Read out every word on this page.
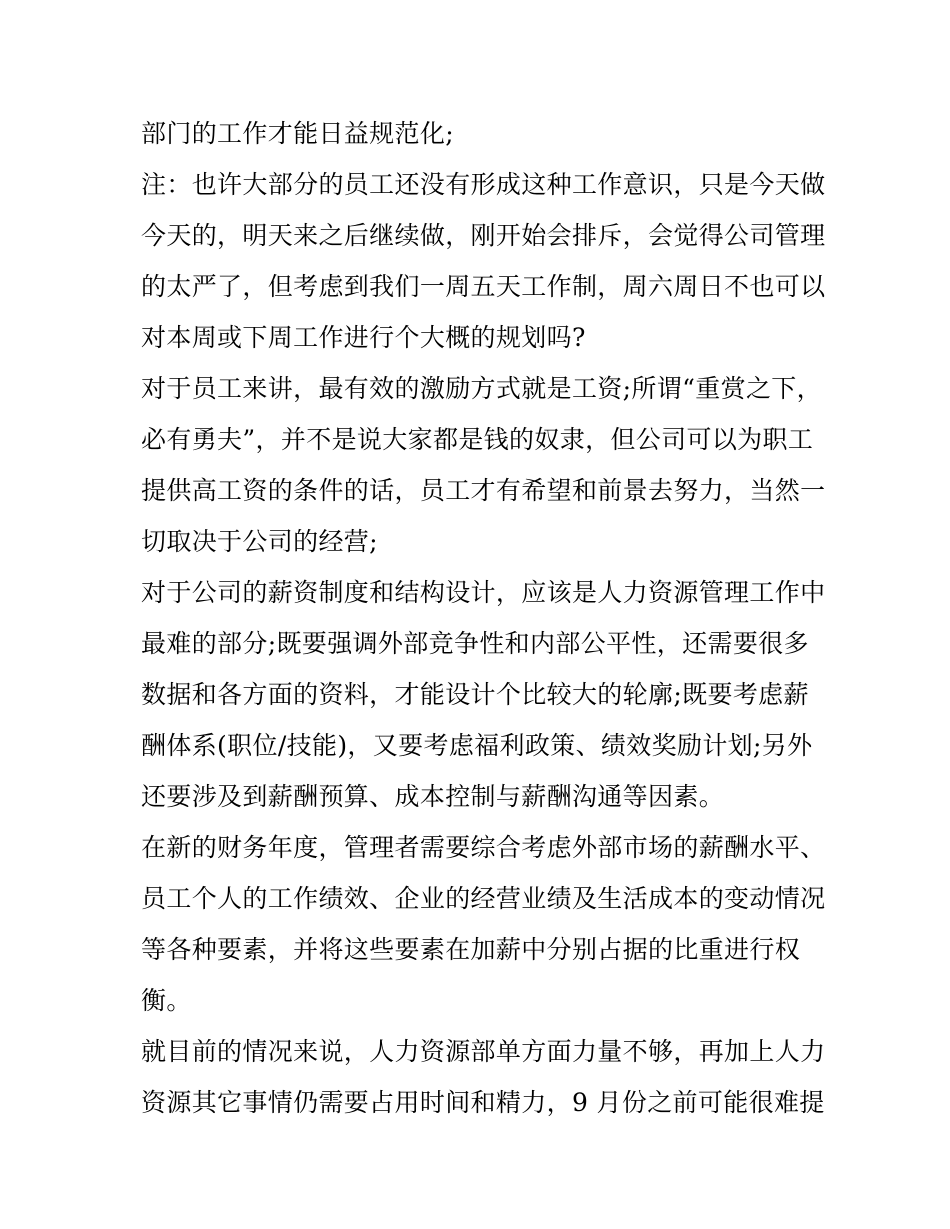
部门的工作才能日益规范化;
注：也许大部分的员工还没有形成这种工作意识，只是今天做
今天的，明天来之后继续做，刚开始会排斥，会觉得公司管理
的太严了，但考虑到我们一周五天工作制，周六周日不也可以
对本周或下周工作进行个大概的规划吗?
对于员工来讲，最有效的激励方式就是工资;所谓“重赏之下，
必有勇夫”，并不是说大家都是钱的奴隶，但公司可以为职工
提供高工资的条件的话，员工才有希望和前景去努力，当然一
切取决于公司的经营;
对于公司的薪资制度和结构设计，应该是人力资源管理工作中
最难的部分;既要强调外部竞争性和内部公平性，还需要很多
数据和各方面的资料，才能设计个比较大的轮廓;既要考虑薪
酬体系(职位/技能)，又要考虑福利政策、绩效奖励计划;另外
还要涉及到薪酬预算、成本控制与薪酬沟通等因素。
在新的财务年度，管理者需要综合考虑外部市场的薪酬水平、
员工个人的工作绩效、企业的经营业绩及生活成本的变动情况
等各种要素，并将这些要素在加薪中分别占据的比重进行权
衡。
就目前的情况来说，人力资源部单方面力量不够，再加上人力
资源其它事情仍需要占用时间和精力，9 月份之前可能很难提
